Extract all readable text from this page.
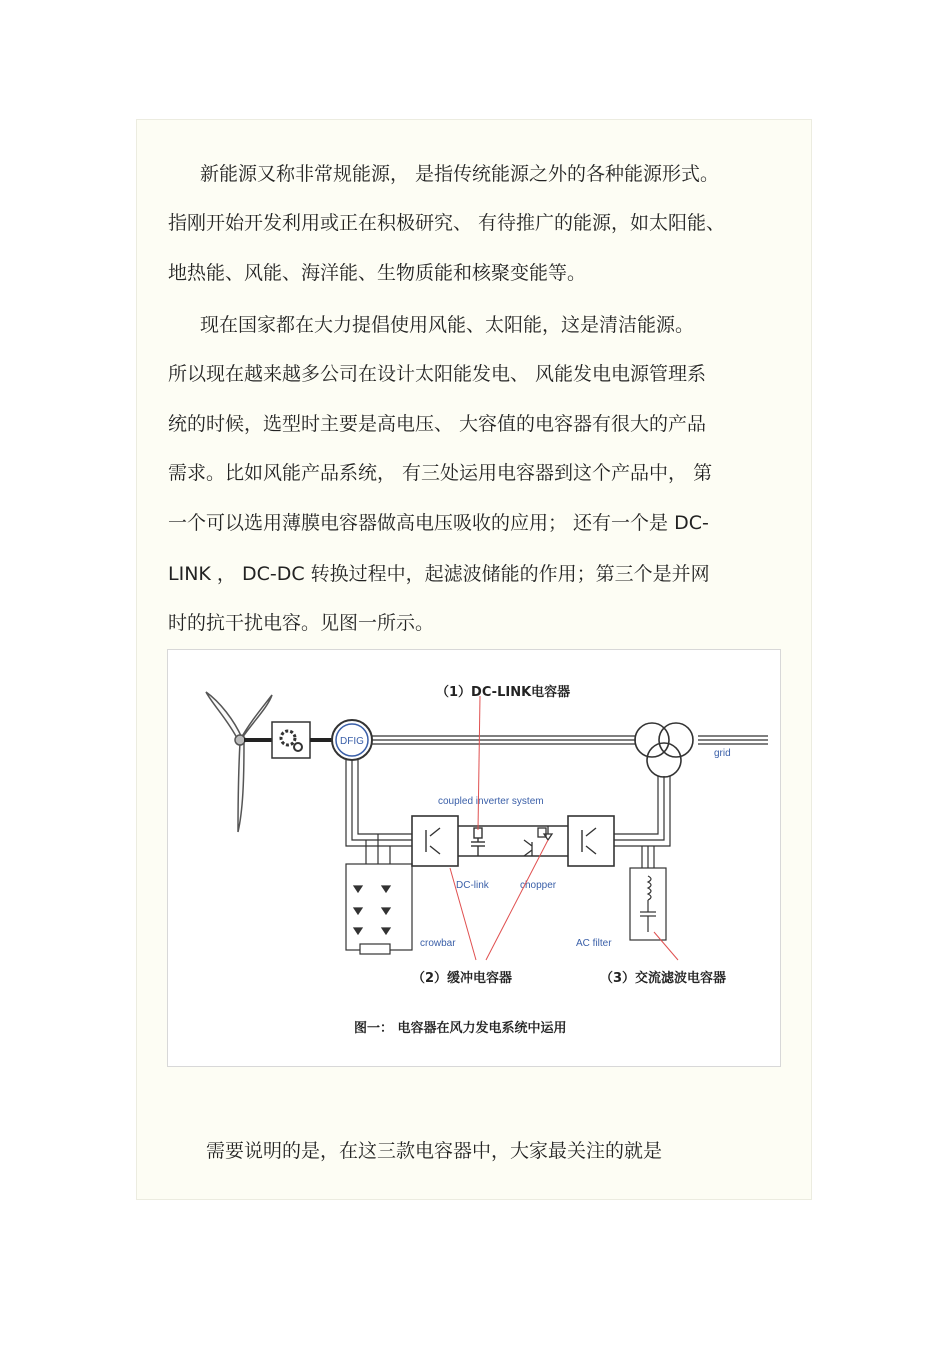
新能源又称非常规能源， 是指传统能源之外的各种能源形式。
指刚开始开发利用或正在积极研究、 有待推广的能源，如太阳能、
地热能、风能、海洋能、生物质能和核聚变能等。
现在国家都在大力提倡使用风能、太阳能，这是清洁能源。
所以现在越来越多公司在设计太阳能发电、 风能发电电源管理系
统的时候，选型时主要是高电压、 大容值的电容器有很大的产品
需求。比如风能产品系统， 有三处运用电容器到这个产品中， 第
一个可以选用薄膜电容器做高电压吸收的应用； 还有一个是 DC-
LINK ， DC-DC 转换过程中，起滤波储能的作用；第三个是并网
时的抗干扰电容。见图一所示。
DFIG
grid
coupled inverter system
DC-link	chopper
crowbar	AC filter
（1）DC-LINK电容器
（2）缓冲电容器	（3）交流滤波电容器
图一： 电容器在风力发电系统中运用
需要说明的是，在这三款电容器中，大家最关注的就是
